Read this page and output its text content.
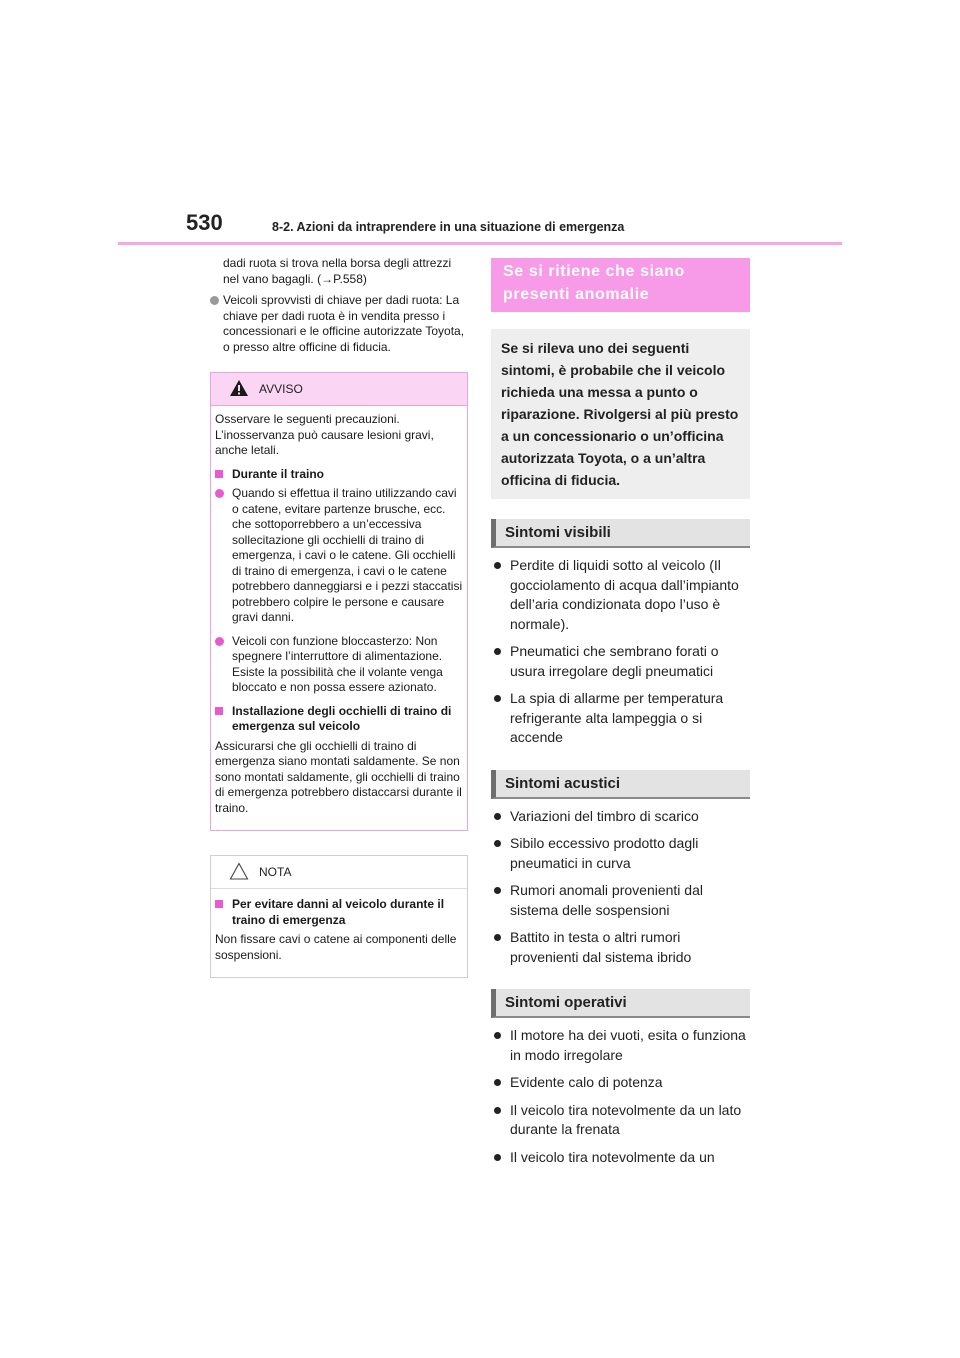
530	8-2. Azioni da intraprendere in una situazione di emergenza

dadi ruota si trova nella borsa degli attrezzi nel vano bagagli. (→P.558)

Veicoli sprovvisti di chiave per dadi ruota: La chiave per dadi ruota è in vendita presso i concessionari e le officine autorizzate Toyota, o presso altre officine di fiducia.
AVVISO

Osservare le seguenti precauzioni. L’inosservanza può causare lesioni gravi, anche letali.

Durante il traino
Quando si effettua il traino utilizzando cavi o catene, evitare partenze brusche, ecc. che sottoporrebbero a un’eccessiva sollecitazione gli occhielli di traino di emergenza, i cavi o le catene. Gli occhielli di traino di emergenza, i cavi o le catene potrebbero danneggiarsi e i pezzi staccatisi potrebbero colpire le persone e causare gravi danni.
Veicoli con funzione bloccasterzo: Non spegnere l’interruttore di alimentazione. Esiste la possibilità che il volante venga bloccato e non possa essere azionato.
Installazione degli occhielli di traino di emergenza sul veicolo

Assicurarsi che gli occhielli di traino di emergenza siano montati saldamente. Se non sono montati saldamente, gli occhielli di traino di emergenza potrebbero distaccarsi durante il traino.

NOTA
Per evitare danni al veicolo durante il traino di emergenza

Non fissare cavi o catene ai componenti delle sospensioni.

Se si ritiene che siano presenti anomalie
Se si rileva uno dei seguenti sintomi, è probabile che il veicolo richieda una messa a punto o riparazione. Rivolgersi al più presto a un concessionario o un’officina autorizzata Toyota, o a un’altra officina di fiducia.
Sintomi visibili
Perdite di liquidi sotto al veicolo (Il gocciolamento di acqua dall’impianto dell’aria condizionata dopo l’uso è normale).
Pneumatici che sembrano forati o usura irregolare degli pneumatici
La spia di allarme per temperatura refrigerante alta lampeggia o si accende
Sintomi acustici
Variazioni del timbro di scarico
Sibilo eccessivo prodotto dagli pneumatici in curva
Rumori anomali provenienti dal sistema delle sospensioni
Battito in testa o altri rumori provenienti dal sistema ibrido
Sintomi operativi
Il motore ha dei vuoti, esita o funziona in modo irregolare
Evidente calo di potenza
Il veicolo tira notevolmente da un lato durante la frenata
Il veicolo tira notevolmente da un
